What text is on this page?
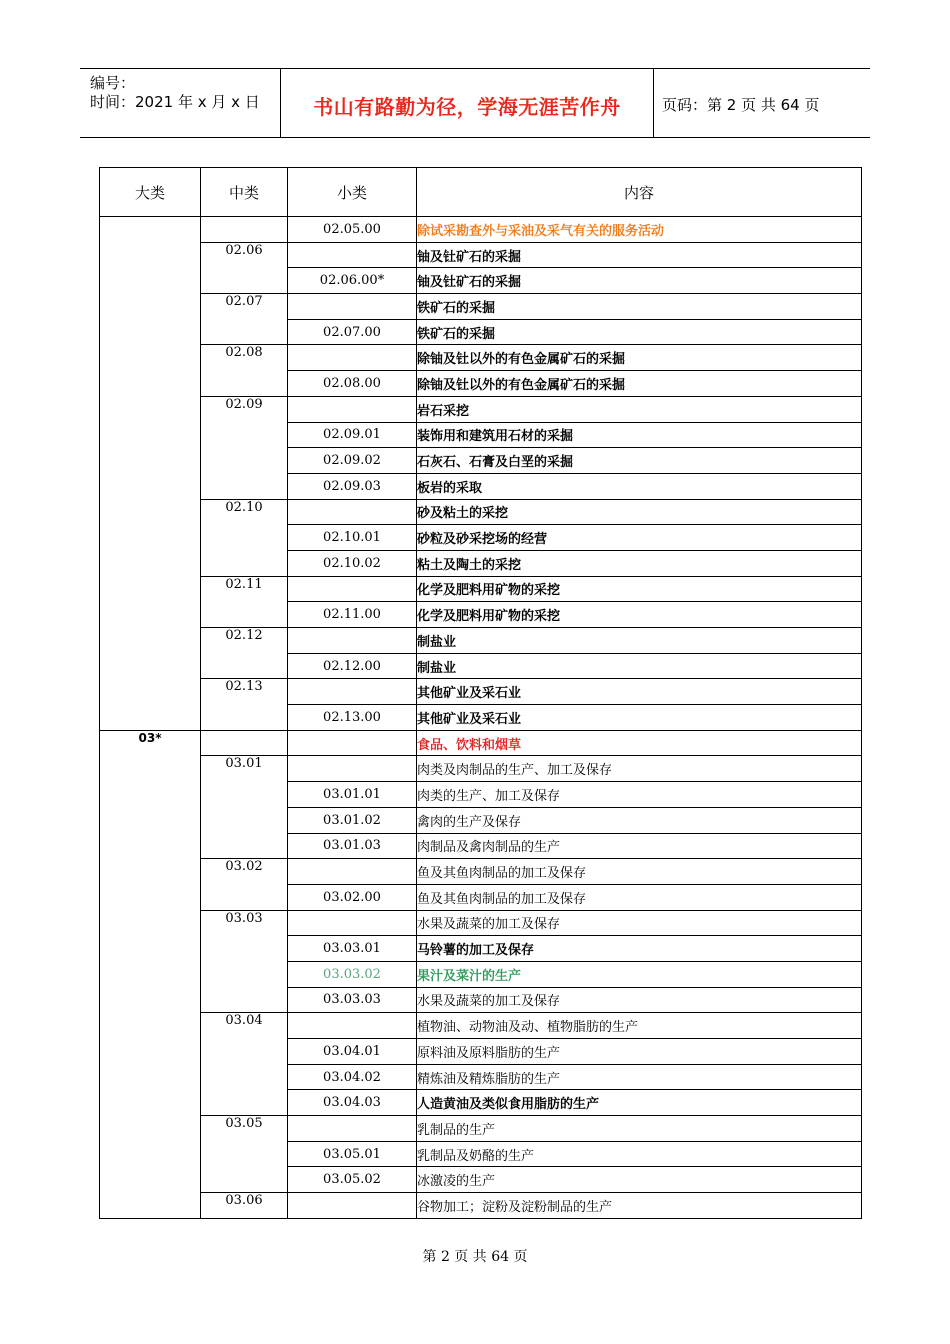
编号：
时间：2021 年 x 月 x 日	书山有路勤为径，学海无涯苦作舟	页码：第 2 页 共 64 页
大类	中类	小类	内容
		02.05.00	除试采勘查外与采油及采气有关的服务活动
	02.06		铀及钍矿石的采掘
		02.06.00*	铀及钍矿石的采掘
	02.07		铁矿石的采掘
		02.07.00	铁矿石的采掘
	02.08		除铀及钍以外的有色金属矿石的采掘
		02.08.00	除铀及钍以外的有色金属矿石的采掘
	02.09		岩石采挖
		02.09.01	装饰用和建筑用石材的采掘
		02.09.02	石灰石、石膏及白垩的采掘
		02.09.03	板岩的采取
	02.10		砂及粘土的采挖
		02.10.01	砂粒及砂采挖场的经营
		02.10.02	粘土及陶土的采挖
	02.11		化学及肥料用矿物的采挖
		02.11.00	化学及肥料用矿物的采挖
	02.12		制盐业
		02.12.00	制盐业
	02.13		其他矿业及采石业
		02.13.00	其他矿业及采石业
03*			食品、饮料和烟草
	03.01		肉类及肉制品的生产、加工及保存
		03.01.01	肉类的生产、加工及保存
		03.01.02	禽肉的生产及保存
		03.01.03	肉制品及禽肉制品的生产
	03.02		鱼及其鱼肉制品的加工及保存
		03.02.00	鱼及其鱼肉制品的加工及保存
	03.03		水果及蔬菜的加工及保存
		03.03.01	马铃薯的加工及保存
		03.03.02	果汁及菜汁的生产
		03.03.03	水果及蔬菜的加工及保存
	03.04		植物油、动物油及动、植物脂肪的生产
		03.04.01	原料油及原料脂肪的生产
		03.04.02	精炼油及精炼脂肪的生产
		03.04.03	人造黄油及类似食用脂肪的生产
	03.05		乳制品的生产
		03.05.01	乳制品及奶酪的生产
		03.05.02	冰激凌的生产
	03.06		谷物加工；淀粉及淀粉制品的生产
第 2 页 共 64 页
